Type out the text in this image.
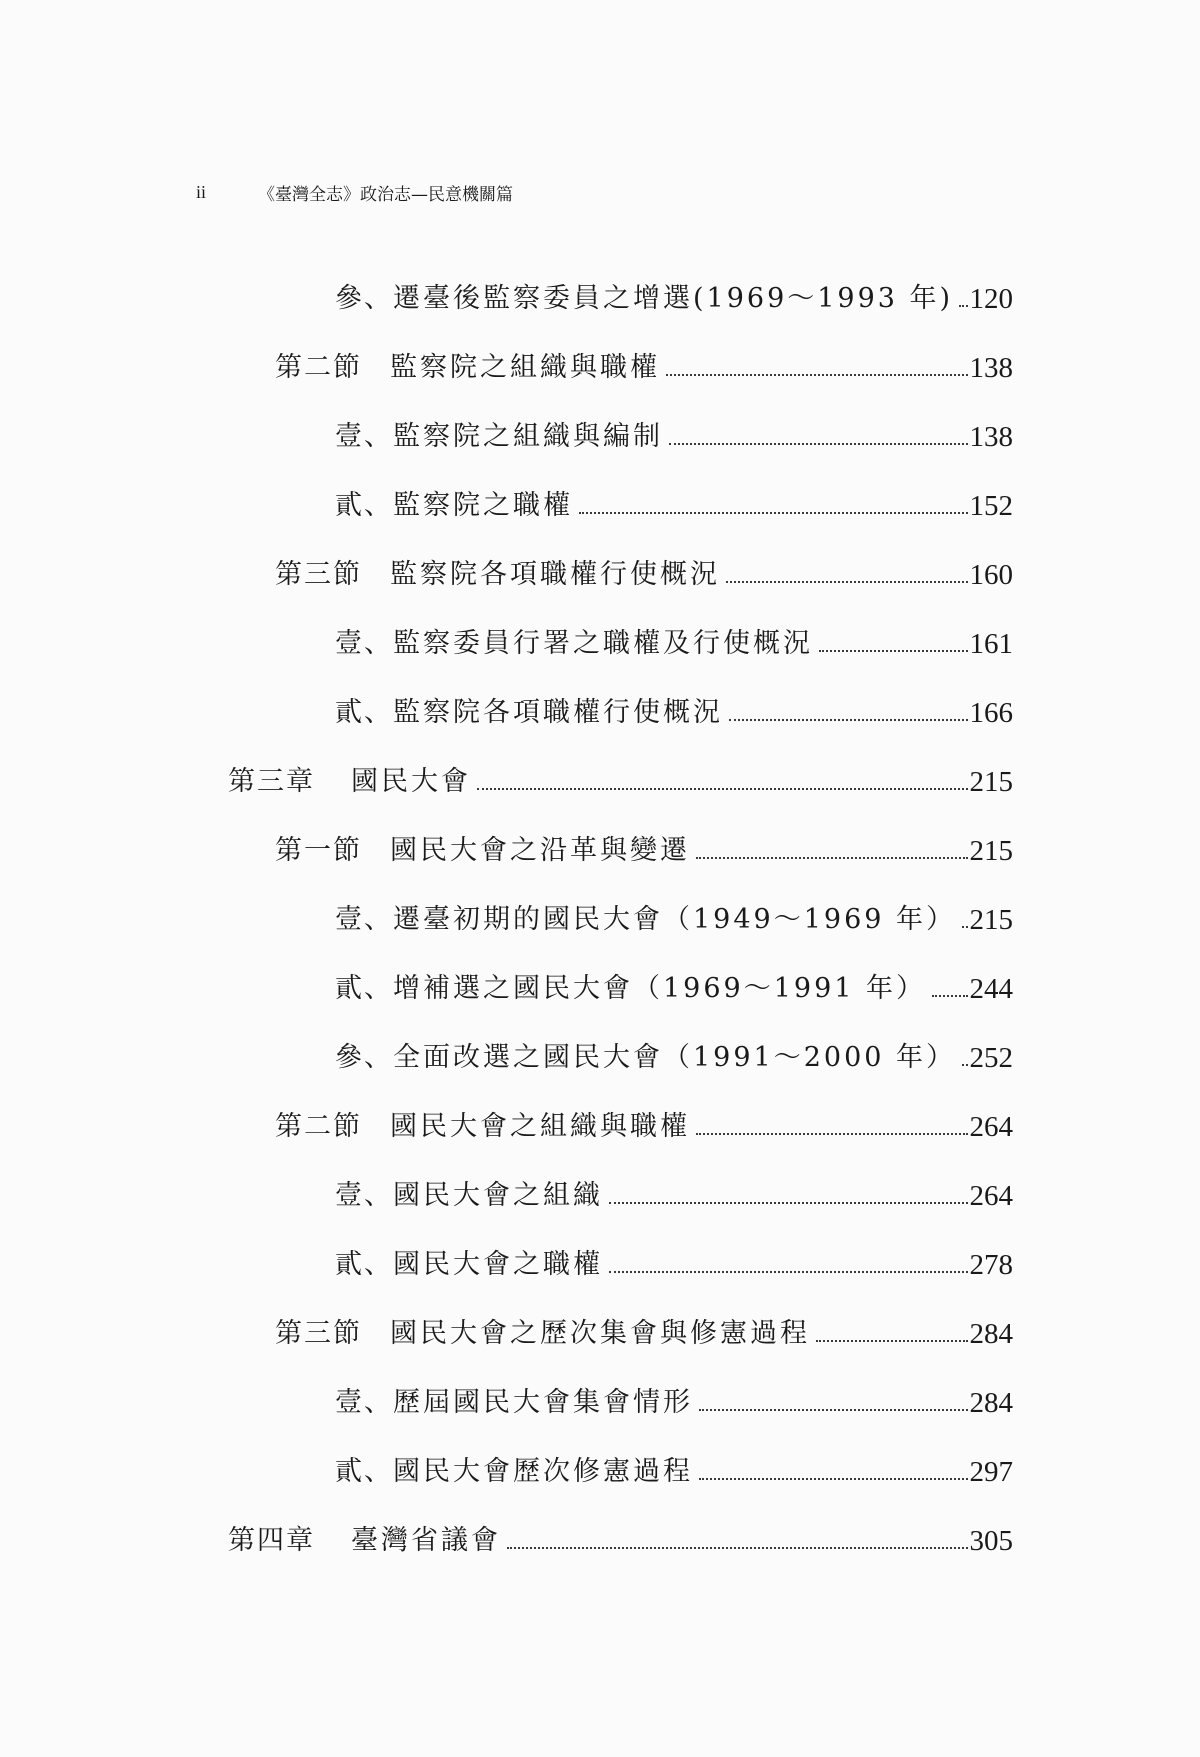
ii	《臺灣全志》政治志—民意機關篇
參、 遷臺後監察委員之增選(1969～1993 年) 120
第二節 監察院之組織與職權	138
壹、 監察院之組織與編制	138
貳、 監察院之職權	152
第三節 監察院各項職權行使概況	160
壹、 監察委員行署之職權及行使概況	161
貳、 監察院各項職權行使概況	166
第三章 國民大會	215
第一節 國民大會之沿革與變遷	215
壹、 遷臺初期的國民大會（1949～1969 年） 215
貳、 增補選之國民大會（1969～1991 年） 244
參、 全面改選之國民大會（1991～2000 年） 252
第二節 國民大會之組織與職權	264
壹、 國民大會之組織	264
貳、 國民大會之職權	278
第三節 國民大會之歷次集會與修憲過程	284
壹、 歷屆國民大會集會情形	284
貳、 國民大會歷次修憲過程	297
第四章 臺灣省議會	305
